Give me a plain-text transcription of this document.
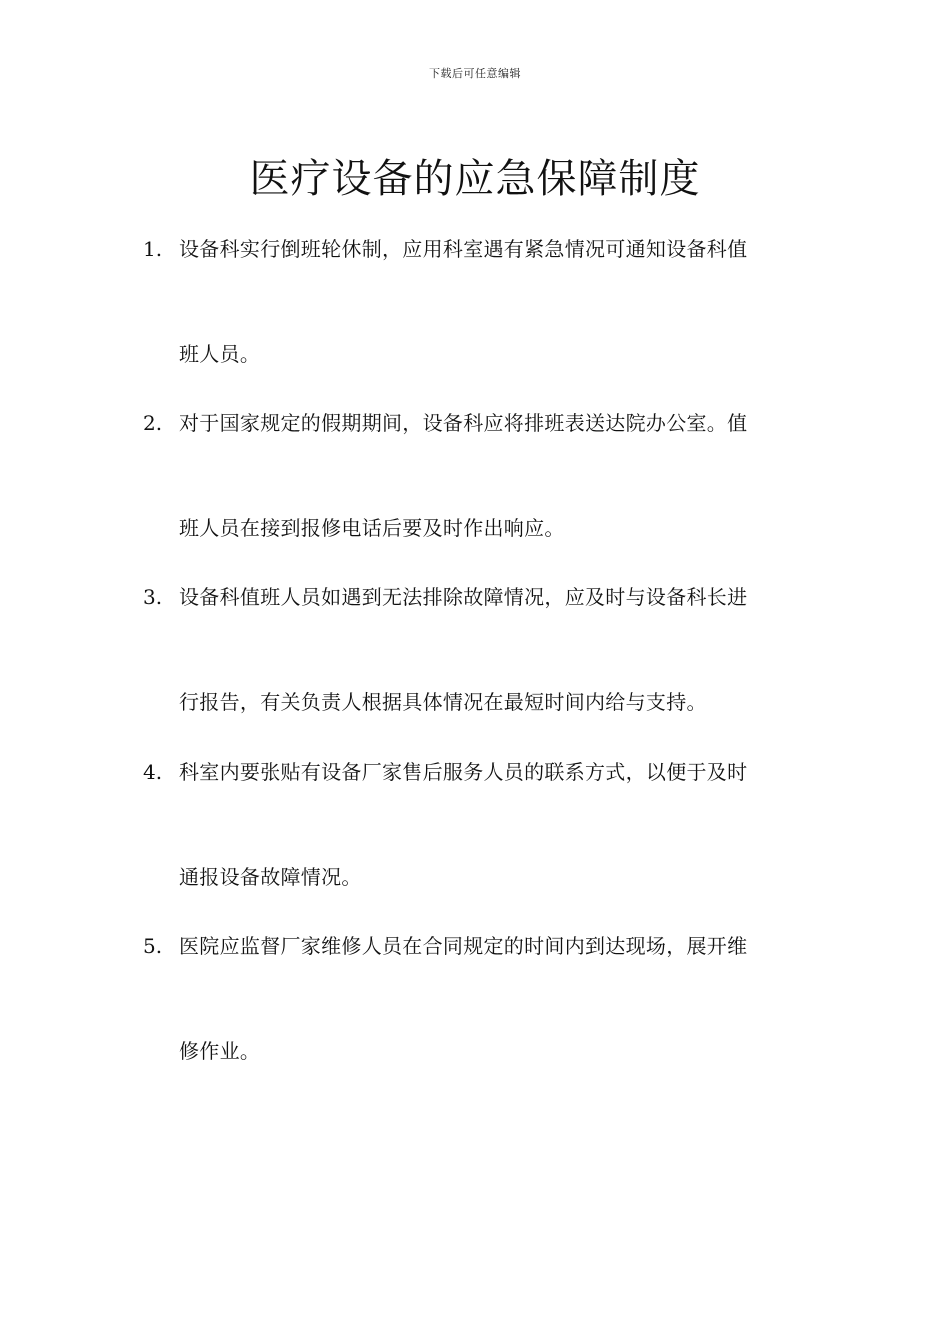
下载后可任意编辑
医疗设备的应急保障制度
1. 设备科实行倒班轮休制，应用科室遇有紧急情况可通知设备科值
班人员。
2. 对于国家规定的假期期间，设备科应将排班表送达院办公室。值
班人员在接到报修电话后要及时作出响应。
3. 设备科值班人员如遇到无法排除故障情况，应及时与设备科长进
行报告，有关负责人根据具体情况在最短时间内给与支持。
4. 科室内要张贴有设备厂家售后服务人员的联系方式，以便于及时
通报设备故障情况。
5. 医院应监督厂家维修人员在合同规定的时间内到达现场，展开维
修作业。
